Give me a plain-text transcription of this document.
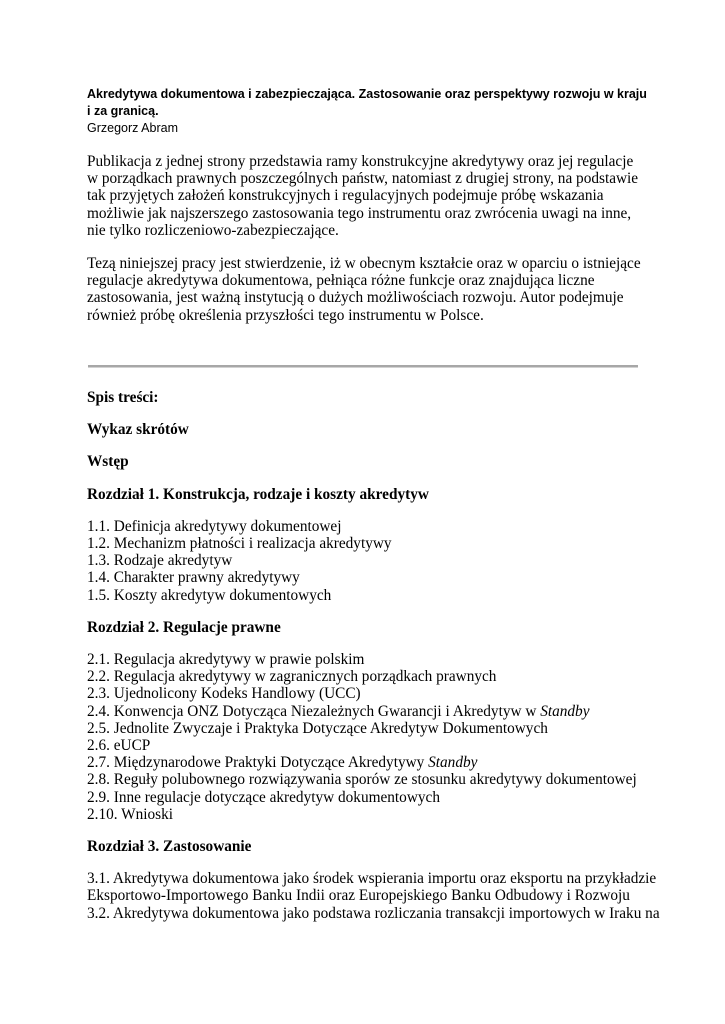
Akredytywa dokumentowa i zabezpieczająca. Zastosowanie oraz perspektywy rozwoju w kraju i za granicą.
Grzegorz Abram
Publikacja z jednej strony przedstawia ramy konstrukcyjne akredytywy oraz jej regulacje w porządkach prawnych poszczególnych państw, natomiast z drugiej strony, na podstawie tak przyjętych założeń konstrukcyjnych i regulacyjnych podejmuje próbę wskazania możliwie jak najszerszego zastosowania tego instrumentu oraz zwrócenia uwagi na inne, nie tylko rozliczeniowo-zabezpieczające.
Tezą niniejszej pracy jest stwierdzenie, iż w obecnym kształcie oraz w oparciu o istniejące regulacje akredytywa dokumentowa, pełniąca różne funkcje oraz znajdująca liczne zastosowania, jest ważną instytucją o dużych możliwościach rozwoju. Autor podejmuje również próbę określenia przyszłości tego instrumentu w Polsce.
Spis treści:
Wykaz skrótów
Wstęp
Rozdział 1. Konstrukcja, rodzaje i koszty akredytyw
1.1. Definicja akredytywy dokumentowej
1.2. Mechanizm płatności i realizacja akredytywy
1.3. Rodzaje akredytyw
1.4. Charakter prawny akredytywy
1.5. Koszty akredytyw dokumentowych
Rozdział 2. Regulacje prawne
2.1. Regulacja akredytywy w prawie polskim
2.2. Regulacja akredytywy w zagranicznych porządkach prawnych
2.3. Ujednolicony Kodeks Handlowy (UCC)
2.4. Konwencja ONZ Dotycząca Niezależnych Gwarancji i Akredytyw w Standby
2.5. Jednolite Zwyczaje i Praktyka Dotyczące Akredytyw Dokumentowych
2.6. eUCP
2.7. Międzynarodowe Praktyki Dotyczące Akredytywy Standby
2.8. Reguły polubownego rozwiązywania sporów ze stosunku akredytywy dokumentowej
2.9. Inne regulacje dotyczące akredytyw dokumentowych
2.10. Wnioski
Rozdział 3. Zastosowanie
3.1. Akredytywa dokumentowa jako środek wspierania importu oraz eksportu na przykładzie Eksportowo-Importowego Banku Indii oraz Europejskiego Banku Odbudowy i Rozwoju
3.2. Akredytywa dokumentowa jako podstawa rozliczania transakcji importowych w Iraku na
